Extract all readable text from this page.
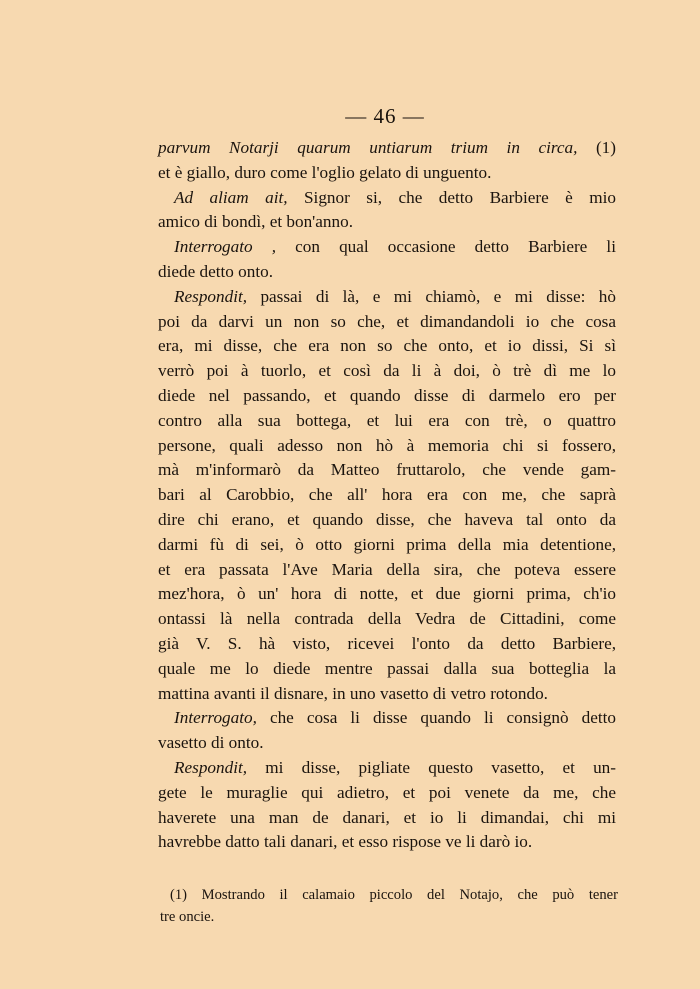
— 46 —
parvum Notarji quarum untiarum trium in circa, (1)
et è giallo, duro come l'oglio gelato di unguento.
Ad aliam ait, Signor si, che detto Barbiere è mio
amico di bondì, et bon'anno.
Interrogato , con qual occasione detto Barbiere li
diede detto onto.
Respondit, passai di là, e mi chiamò, e mi disse: hò
poi da darvi un non so che, et dimandandoli io che cosa
era, mi disse, che era non so che onto, et io dissi, Si sì
verrò poi à tuorlo, et così da li à doi, ò trè dì me lo
diede nel passando, et quando disse di darmelo ero per
contro alla sua bottega, et lui era con trè, o quattro
persone, quali adesso non hò à memoria chi si fossero,
mà m'informarò da Matteo fruttarolo, che vende gam-
bari al Carobbio, che all' hora era con me, che saprà
dire chi erano, et quando disse, che haveva tal onto da
darmi fù di sei, ò otto giorni prima della mia detentione,
et era passata l'Ave Maria della sira, che poteva essere
mez'hora, ò un' hora di notte, et due giorni prima, ch'io
ontassi là nella contrada della Vedra de Cittadini, come
già V. S. hà visto, ricevei l'onto da detto Barbiere,
quale me lo diede mentre passai dalla sua botteglia la
mattina avanti il disnare, in uno vasetto di vetro rotondo.
Interrogato, che cosa li disse quando li consignò detto
vasetto di onto.
Respondit, mi disse, pigliate questo vasetto, et un-
gete le muraglie qui adietro, et poi venete da me, che
haverete una man de danari, et io li dimandai, chi mi
havrebbe datto tali danari, et esso rispose ve li darò io.
(1) Mostrando il calamaio piccolo del Notajo, che può tener
tre oncie.
